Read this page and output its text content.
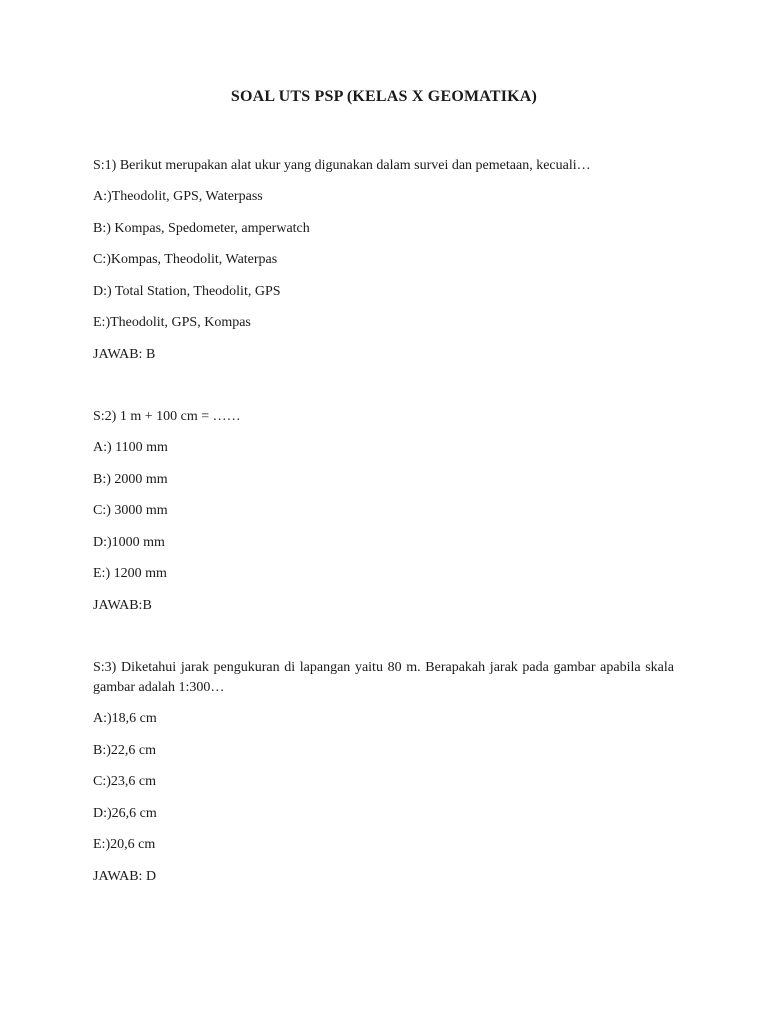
SOAL UTS PSP (KELAS X GEOMATIKA)
S:1) Berikut merupakan alat ukur yang digunakan dalam survei dan pemetaan, kecuali…
A:)Theodolit, GPS, Waterpass
B:) Kompas, Spedometer, amperwatch
C:)Kompas, Theodolit, Waterpas
D:) Total Station, Theodolit, GPS
E:)Theodolit, GPS, Kompas
JAWAB: B
S:2) 1 m + 100 cm = ……
A:) 1100 mm
B:) 2000 mm
C:) 3000 mm
D:)1000 mm
E:) 1200 mm
JAWAB:B
S:3) Diketahui jarak pengukuran di lapangan yaitu 80 m. Berapakah jarak pada gambar apabila skala gambar adalah 1:300…
A:)18,6 cm
B:)22,6 cm
C:)23,6 cm
D:)26,6 cm
E:)20,6 cm
JAWAB: D
